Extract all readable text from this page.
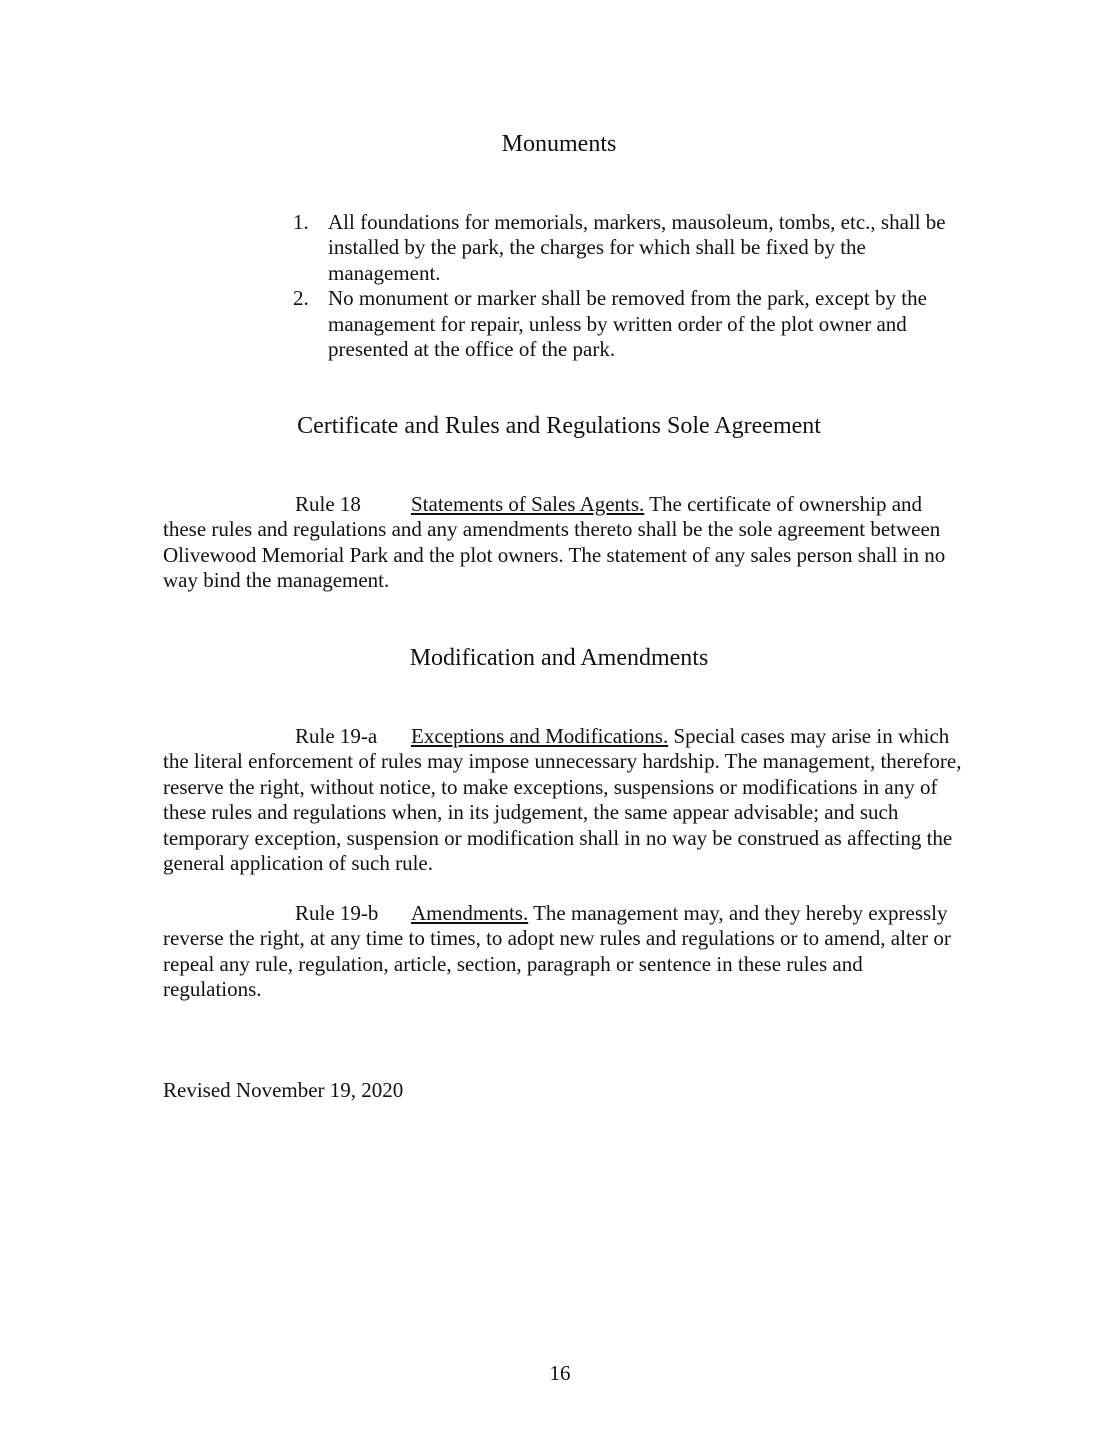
Monuments
1. All foundations for memorials, markers, mausoleum, tombs, etc., shall be installed by the park, the charges for which shall be fixed by the management.
2. No monument or marker shall be removed from the park, except by the management for repair, unless by written order of the plot owner and presented at the office of the park.
Certificate and Rules and Regulations Sole Agreement

Rule 18 Statements of Sales Agents. The certificate of ownership and these rules and regulations and any amendments thereto shall be the sole agreement between Olivewood Memorial Park and the plot owners. The statement of any sales person shall in no way bind the management.

Modification and Amendments

Rule 19-a Exceptions and Modifications. Special cases may arise in which the literal enforcement of rules may impose unnecessary hardship. The management, therefore, reserve the right, without notice, to make exceptions, suspensions or modifications in any of these rules and regulations when, in its judgement, the same appear advisable; and such temporary exception, suspension or modification shall in no way be construed as affecting the general application of such rule.

Rule 19-b Amendments. The management may, and they hereby expressly reverse the right, at any time to times, to adopt new rules and regulations or to amend, alter or repeal any rule, regulation, article, section, paragraph or sentence in these rules and regulations.

Revised November 19, 2020

16
